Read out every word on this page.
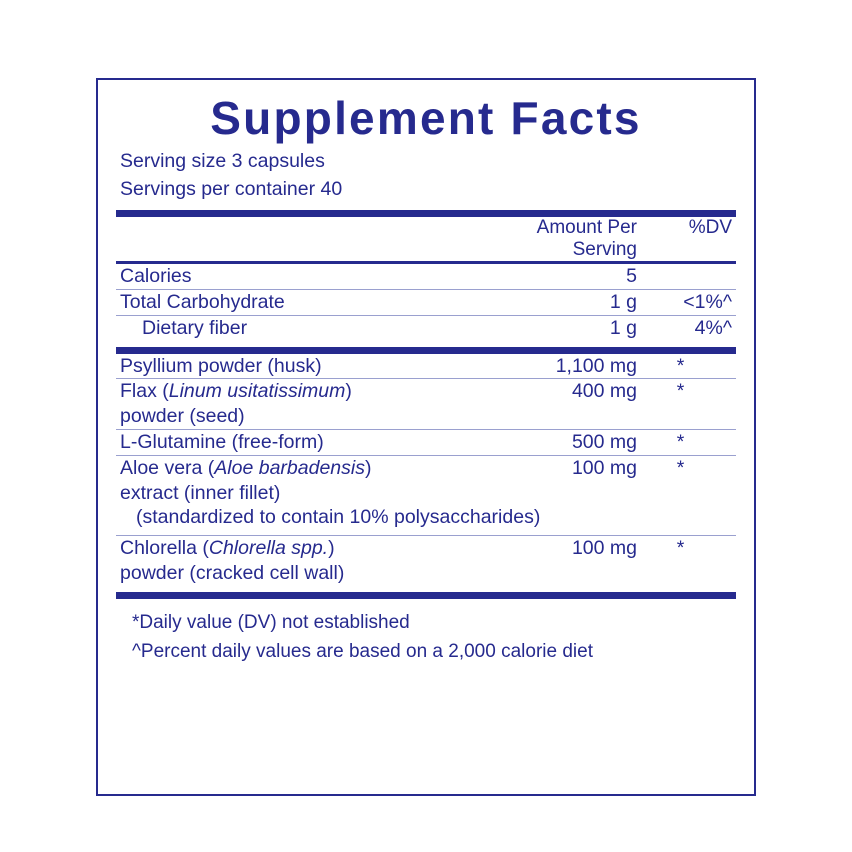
Supplement Facts
Serving size 3 capsules
Servings per container 40
	Amount Per Serving	%DV
Calories	5	
Total Carbohydrate	1 g	<1%^
Dietary fiber	1 g	4%^
Psyllium powder (husk)	1,100 mg	*
Flax (Linum usitatissimum)
powder (seed)	400 mg	*
L-Glutamine (free-form)	500 mg	*
Aloe vera (Aloe barbadensis)
extract (inner fillet)	100 mg	*

(standardized to contain 10% polysaccharides)
Chlorella (Chlorella spp.)
powder (cracked cell wall)	100 mg	*
*Daily value (DV) not established
^Percent daily values are based on a 2,000 calorie diet
